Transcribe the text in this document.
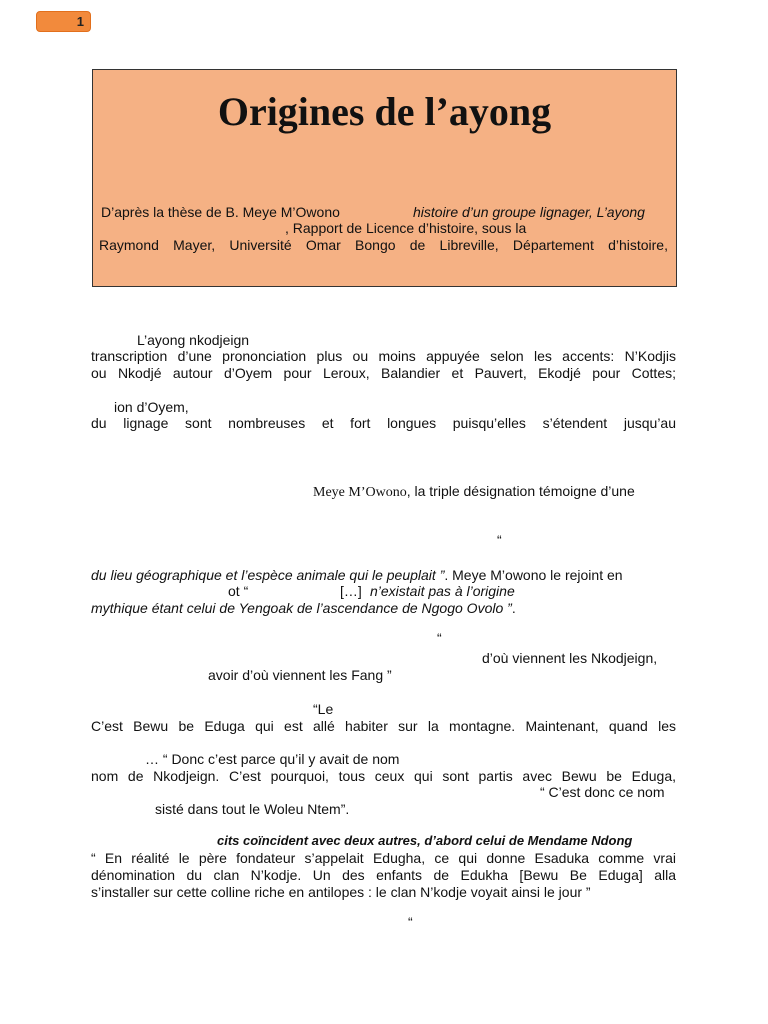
1
Origines de l’ayong
D’après la thèse de B. Meye M’Owono	histoire d’un groupe lignager, L’ayong
, Rapport de Licence d’histoire, sous la
Raymond Mayer, Université Omar Bongo de Libreville, Département d’histoire,
L’ayong nkodjeign
transcription d’une prononciation plus ou moins appuyée selon les accents: N’Kodjis
ou Nkodjé autour d’Oyem pour Leroux, Balandier et Pauvert, Ekodjé pour Cottes;
ion d’Oyem,
du lignage sont nombreuses et fort longues puisqu’elles s’étendent jusqu’au
Meye M’Owono, la triple désignation témoigne d’une
“
du lieu géographique et l’espèce animale qui le peuplait ”. Meye M’owono le rejoint en
ot “	[…] n’existait pas à l’origine
mythique étant celui de Yengoak de l’ascendance de Ngogo Ovolo ”.
“
d’où viennent les Nkodjeign,
avoir d’où viennent les Fang ”
“Le
C’est Bewu be Eduga qui est allé habiter sur la montagne. Maintenant, quand les
… “ Donc c’est parce qu’il y avait de nom
nom de Nkodjeign. C’est pourquoi, tous ceux qui sont partis avec Bewu be Eduga,
“ C’est donc ce nom
sisté dans tout le Woleu Ntem”.
cits coïncident avec deux autres, d’abord celui de Mendame Ndong
“ En réalité le père fondateur s’appelait Edugha, ce qui donne Esaduka comme vrai
dénomination du clan N’kodje. Un des enfants de Edukha [Bewu Be Eduga] alla
s’installer sur cette colline riche en antilopes : le clan N’kodje voyait ainsi le jour ”
“
